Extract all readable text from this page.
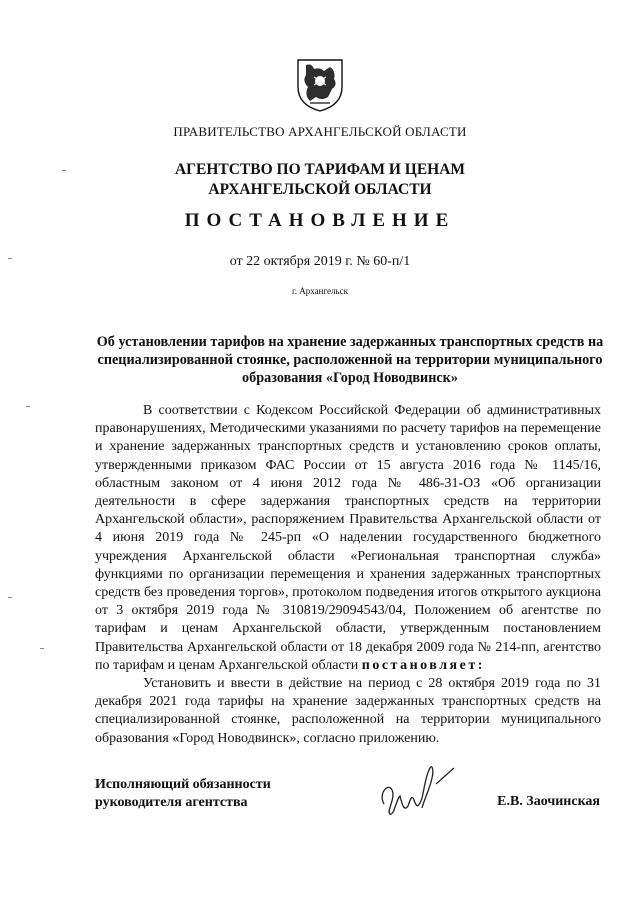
ПРАВИТЕЛЬСТВО АРХАНГЕЛЬСКОЙ ОБЛАСТИ
АГЕНТСТВО ПО ТАРИФАМ И ЦЕНАМ
АРХАНГЕЛЬСКОЙ ОБЛАСТИ
ПОСТАНОВЛЕНИЕ
от 22 октября 2019 г. № 60-п/1
г. Архангельск
Об установлении тарифов на хранение задержанных транспортных средств на специализированной стоянке, расположенной на территории муниципального образования «Город Новодвинск»

В соответствии с Кодексом Российской Федерации об административных правонарушениях, Методическими указаниями по расчету тарифов на перемещение и хранение задержанных транспортных средств и установлению сроков оплаты, утвержденными приказом ФАС России от 15 августа 2016 года № 1145/16, областным законом от 4 июня 2012 года № 486-31-ОЗ «Об организации деятельности в сфере задержания транспортных средств на территории Архангельской области», распоряжением Правительства Архангельской области от 4 июня 2019 года № 245-рп «О наделении государственного бюджетного учреждения Архангельской области «Региональная транспортная служба» функциями по организации перемещения и хранения задержанных транспортных средств без проведения торгов», протоколом подведения итогов открытого аукциона от 3 октября 2019 года № 310819/29094543/04, Положением об агентстве по тарифам и ценам Архангельской области, утвержденным постановлением Правительства Архангельской области от 18 декабря 2009 года № 214-пп, агентство по тарифам и ценам Архангельской области постановляет:

Установить и ввести в действие на период с 28 октября 2019 года по 31 декабря 2021 года тарифы на хранение задержанных транспортных средств на специализированной стоянке, расположенной на территории муниципального образования «Город Новодвинск», согласно приложению.

Исполняющий обязанности
руководителя агентства	Е.В. Заочинская
